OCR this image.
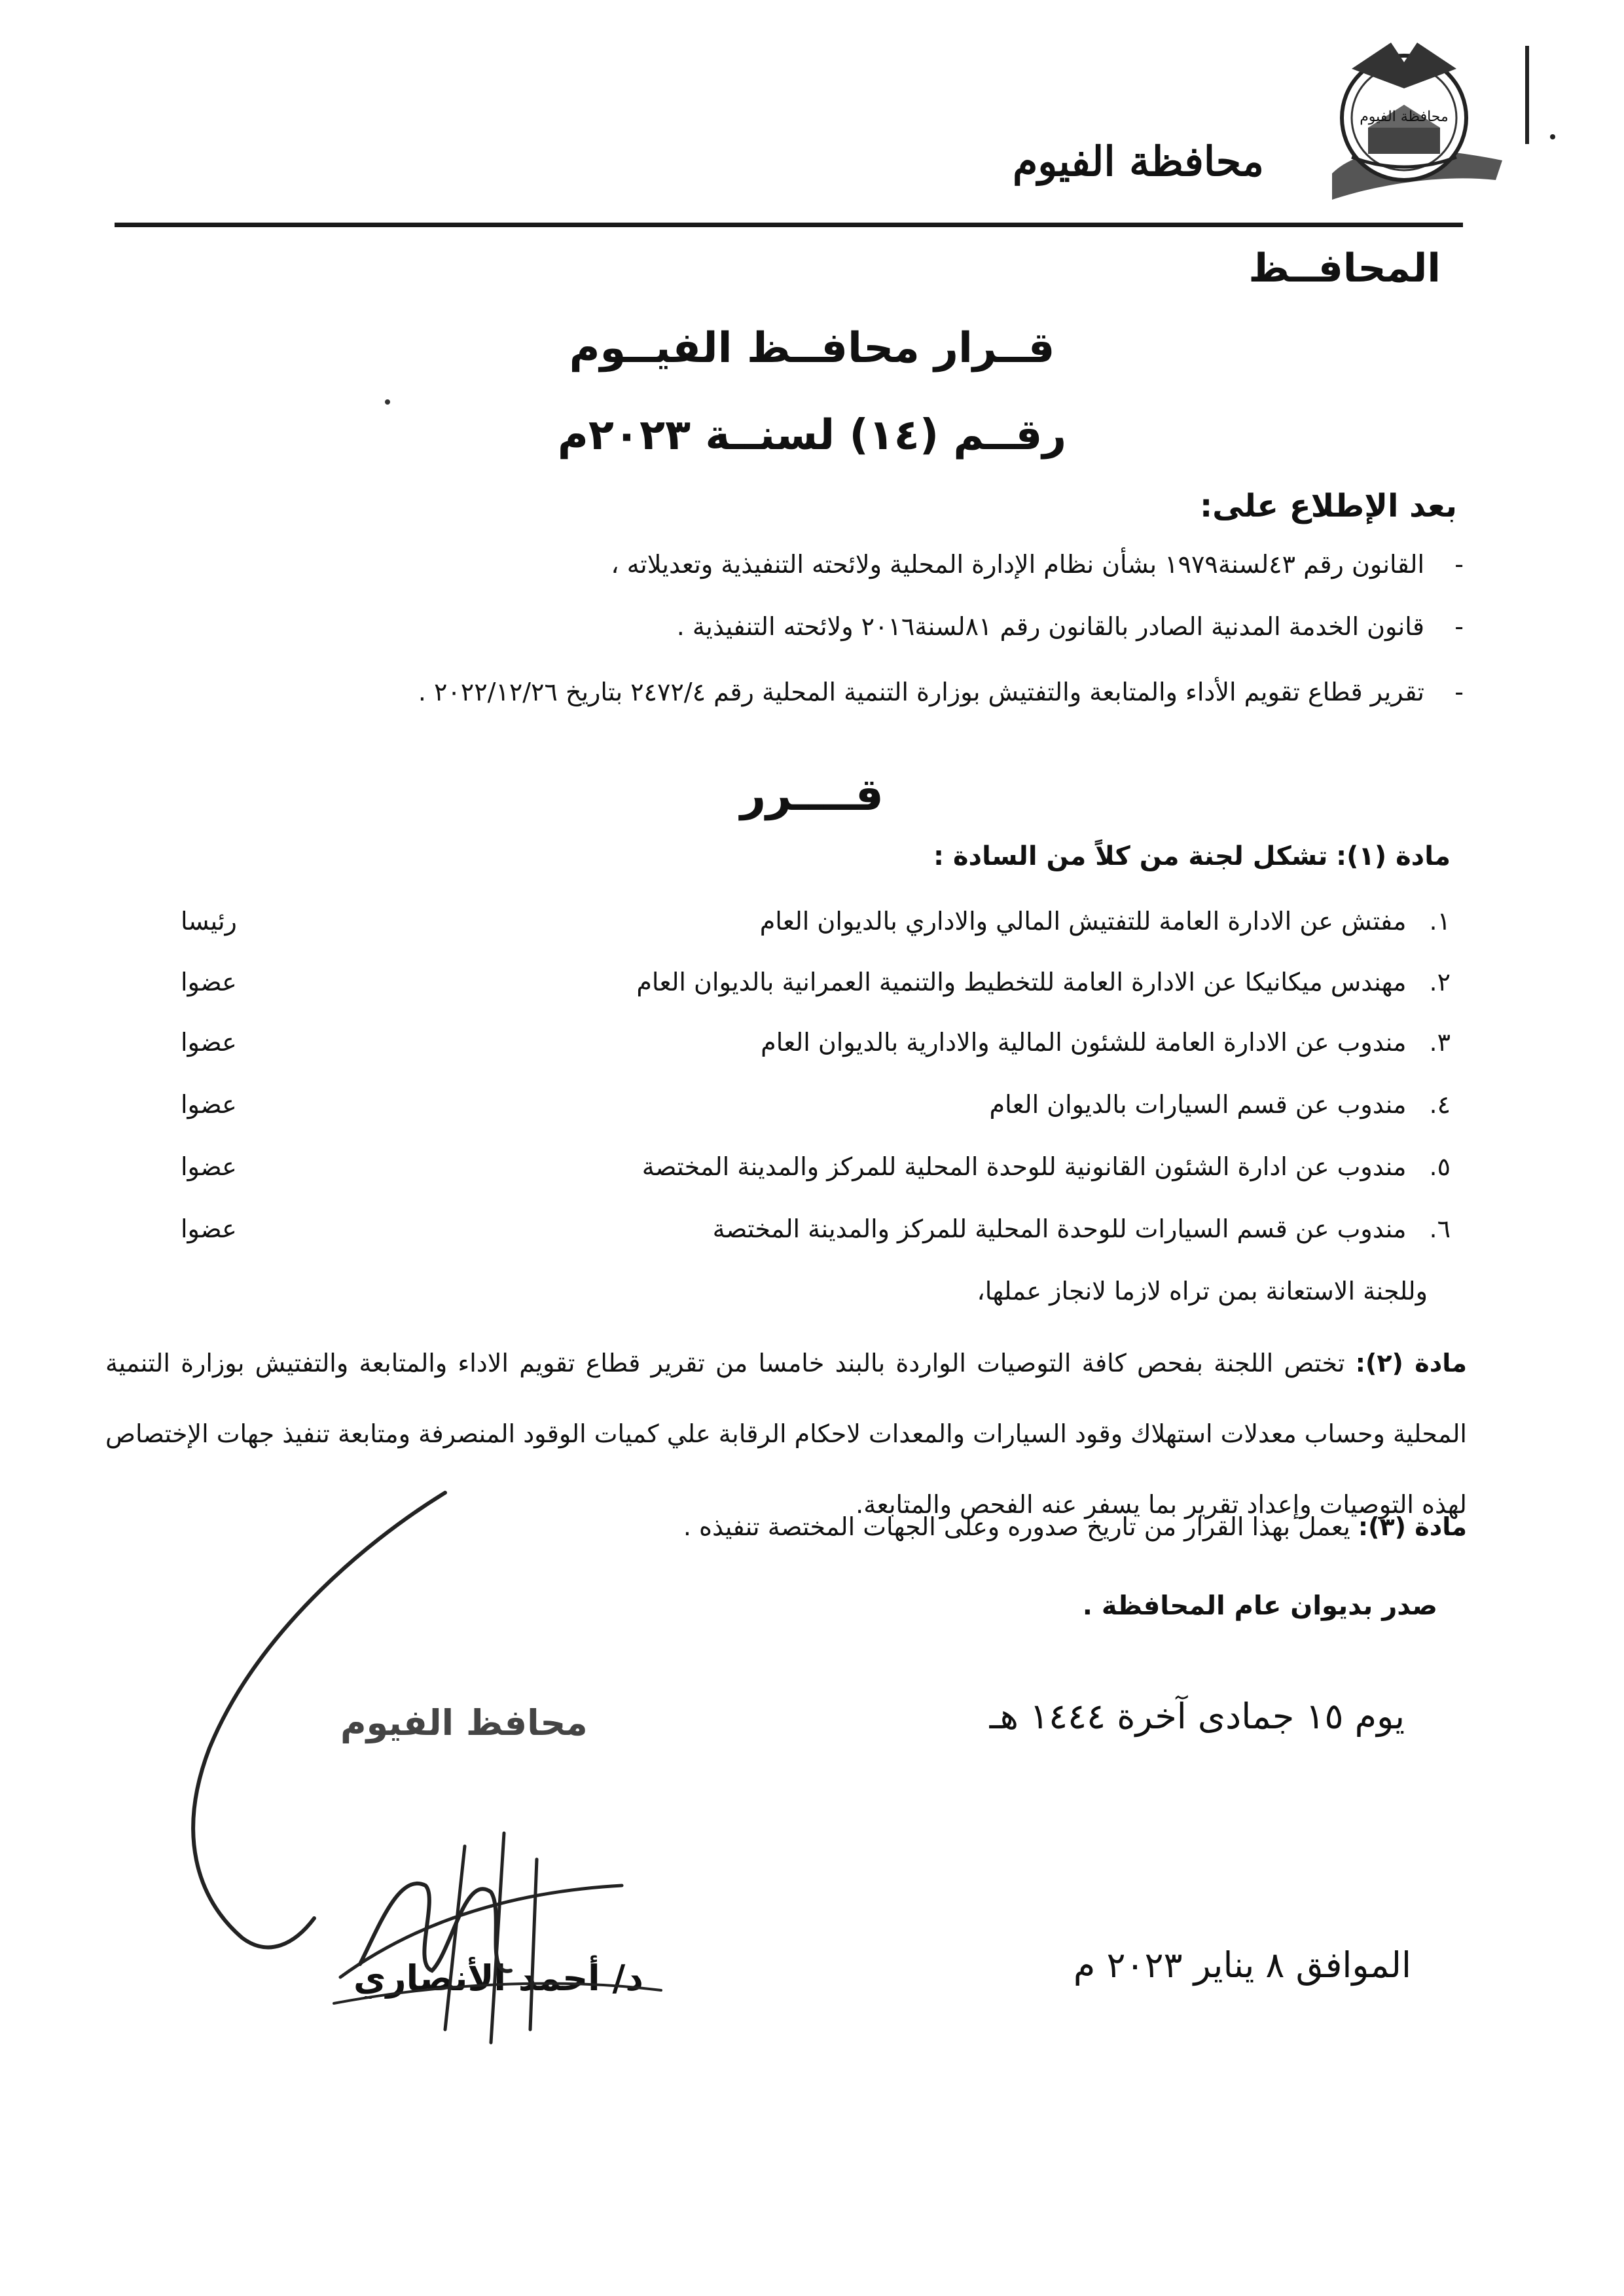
محافظة الفيوم
محافظة الفيوم
المحافــظ
قــرار محافــظ الفيــوم
رقــم (١٤) لسنــة ٢٠٢٣م
بعد الإطلاع على:
-
القانون رقم ٤٣لسنة١٩٧٩ بشأن نظام الإدارة المحلية ولائحته التنفيذية وتعديلاته ،
-
قانون الخدمة المدنية الصادر بالقانون رقم ٨١لسنة٢٠١٦ ولائحته التنفيذية .
-
تقرير قطاع تقويم الأداء والمتابعة والتفتيش بوزارة التنمية المحلية رقم ٢٤٧٢/٤ بتاريخ ٢٠٢٢/١٢/٢٦ .
قــــرر
مادة (١): تشكل لجنة من كلاً من السادة :
١.
مفتش عن الادارة العامة للتفتيش المالي والاداري بالديوان العام
رئيسا
٢.
مهندس ميكانيكا عن الادارة العامة للتخطيط والتنمية العمرانية بالديوان العام
عضوا
٣.
مندوب عن الادارة العامة للشئون المالية والادارية بالديوان العام
عضوا
٤.
مندوب عن قسم السيارات بالديوان العام
عضوا
٥.
مندوب عن ادارة الشئون القانونية للوحدة المحلية للمركز والمدينة المختصة
عضوا
٦.
مندوب عن قسم السيارات للوحدة المحلية للمركز والمدينة المختصة
عضوا
وللجنة الاستعانة بمن تراه لازما لانجاز عملها،
مادة (٢): تختص اللجنة بفحص كافة التوصيات الواردة بالبند خامسا من تقرير قطاع تقويم الاداء والمتابعة والتفتيش بوزارة التنمية المحلية وحساب معدلات استهلاك وقود السيارات والمعدات لاحكام الرقابة علي كميات الوقود المنصرفة ومتابعة تنفيذ جهات الإختصاص لهذه التوصيات وإعداد تقرير بما يسفر عنه الفحص والمتابعة.
مادة (٣): يعمل بهذا القرار من تاريخ صدوره وعلى الجهات المختصة تنفيذه .
صدر بديوان عام المحافظة .
يوم ١٥ جمادى آخرة ١٤٤٤ هـ
الموافق ٨ يناير ٢٠٢٣ م
محافظ الفيوم
د/ أحمد الأنصاري
